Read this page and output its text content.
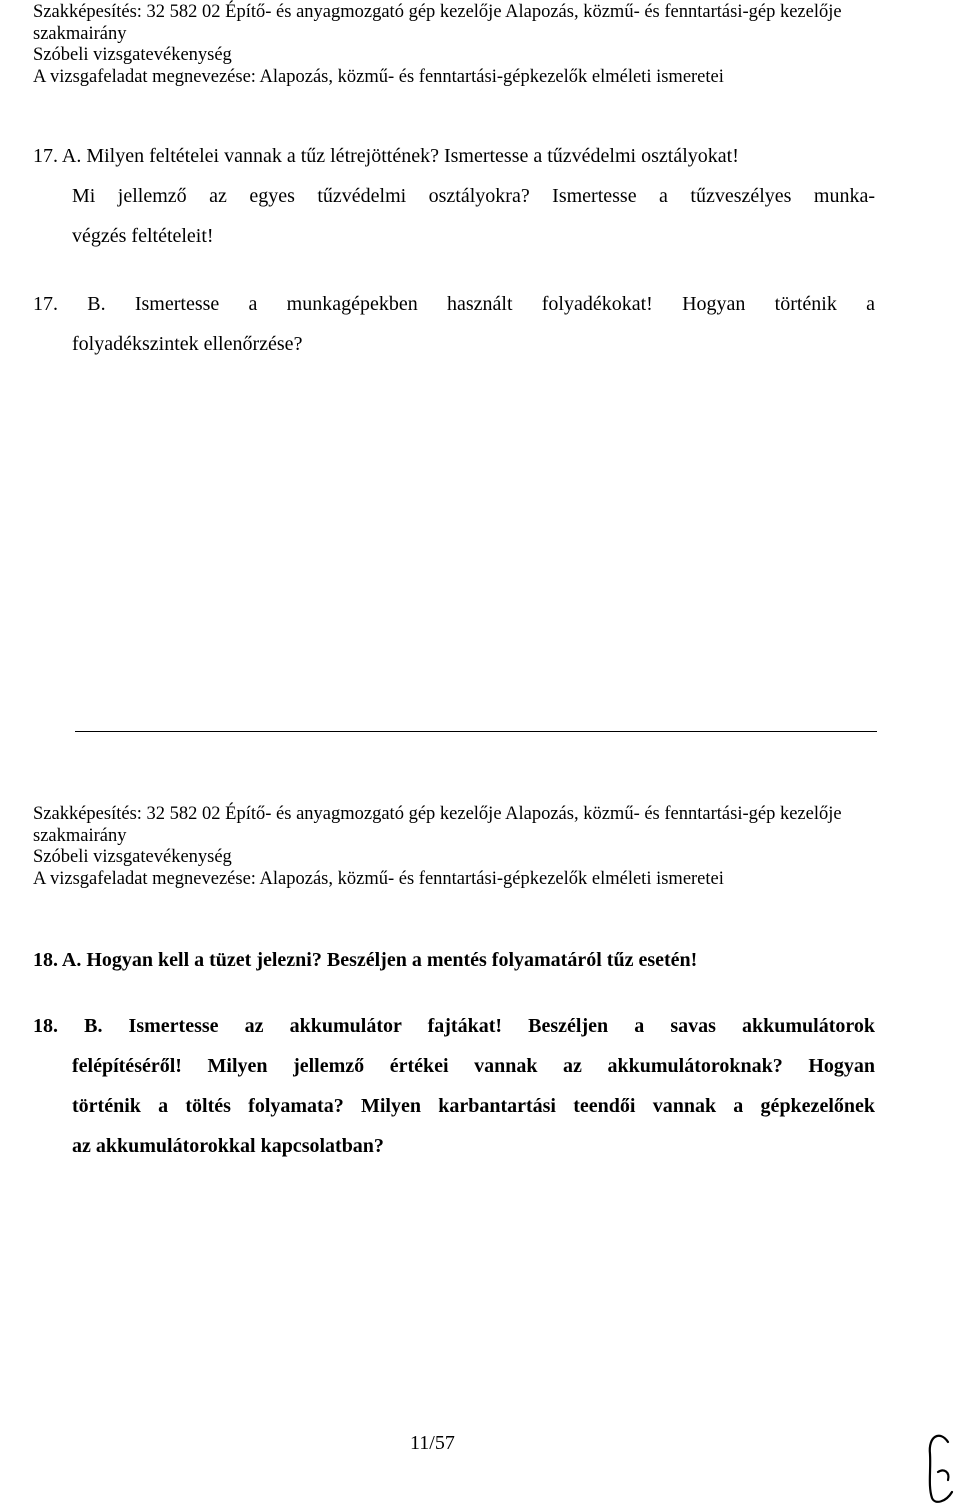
Szakképesítés: 32 582 02 Építő- és anyagmozgató gép kezelője Alapozás, közmű- és fenntartási-gép kezelője
szakmairány
Szóbeli vizsgatevékenység
A vizsgafeladat megnevezése: Alapozás, közmű- és fenntartási-gépkezelők elméleti ismeretei
17. A. Milyen feltételei vannak a tűz létrejöttének? Ismertesse a tűzvédelmi osztályokat!
Mi jellemző az egyes tűzvédelmi osztályokra? Ismertesse a tűzveszélyes munka-
végzés feltételeit!
17. B. Ismertesse a munkagépekben használt folyadékokat! Hogyan történik a
folyadékszintek ellenőrzése?
Szakképesítés: 32 582 02 Építő- és anyagmozgató gép kezelője Alapozás, közmű- és fenntartási-gép kezelője
szakmairány
Szóbeli vizsgatevékenység
A vizsgafeladat megnevezése: Alapozás, közmű- és fenntartási-gépkezelők elméleti ismeretei
18. A. Hogyan kell a tüzet jelezni? Beszéljen a mentés folyamatáról tűz esetén!
18. B. Ismertesse az akkumulátor fajtákat! Beszéljen a savas akkumulátorok
felépítéséről! Milyen jellemző értékei vannak az akkumulátoroknak? Hogyan
történik a töltés folyamata? Milyen karbantartási teendői vannak a gépkezelőnek
az akkumulátorokkal kapcsolatban?
11/57
